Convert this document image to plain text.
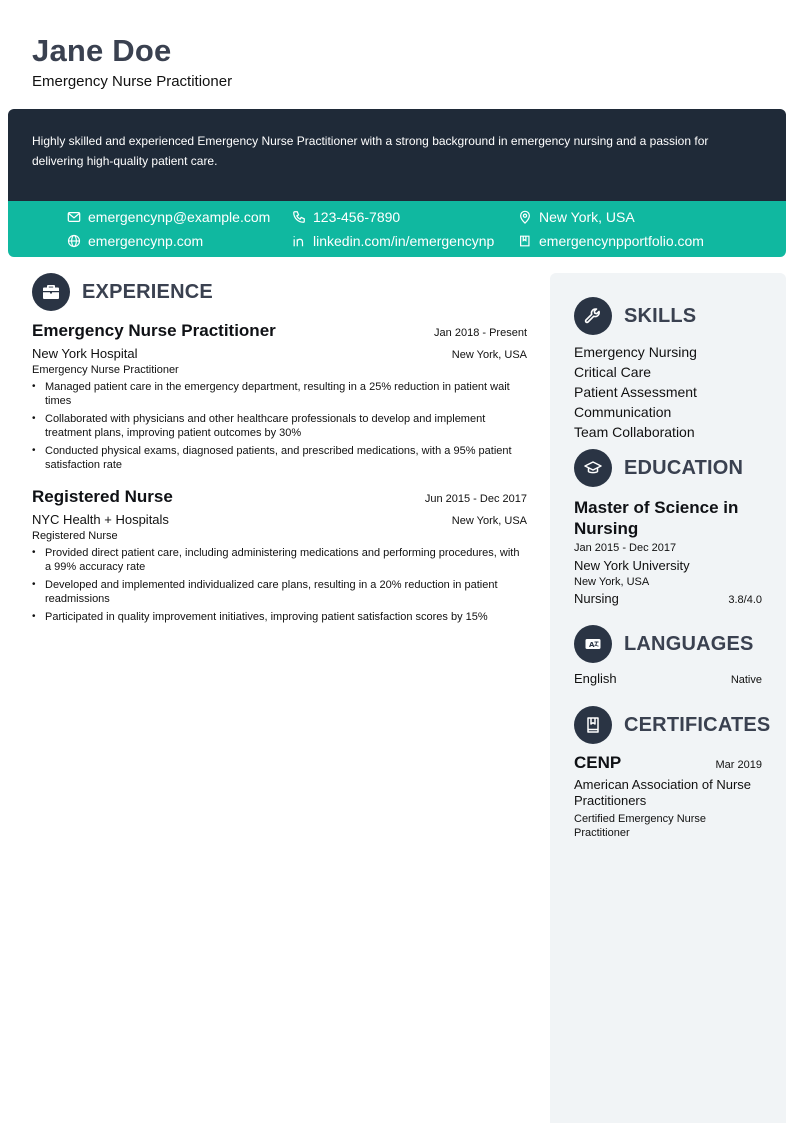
Jane Doe
Emergency Nurse Practitioner
Highly skilled and experienced Emergency Nurse Practitioner with a strong background in emergency nursing and a passion for delivering high-quality patient care.
emergencynp@example.com	123-456-7890	New York, USA
emergencynp.com	linkedin.com/in/emergencynp	emergencynpportfolio.com
EXPERIENCE
Emergency Nurse Practitioner	Jan 2018 - Present
New York Hospital	New York, USA
Emergency Nurse Practitioner
• Managed patient care in the emergency department, resulting in a 25% reduction in patient wait times
• Collaborated with physicians and other healthcare professionals to develop and implement treatment plans, improving patient outcomes by 30%
• Conducted physical exams, diagnosed patients, and prescribed medications, with a 95% patient satisfaction rate
Registered Nurse	Jun 2015 - Dec 2017
NYC Health + Hospitals	New York, USA
Registered Nurse
• Provided direct patient care, including administering medications and performing procedures, with a 99% accuracy rate
• Developed and implemented individualized care plans, resulting in a 20% reduction in patient readmissions
• Participated in quality improvement initiatives, improving patient satisfaction scores by 15%
SKILLS
Emergency Nursing
Critical Care
Patient Assessment
Communication
Team Collaboration
EDUCATION
Master of Science in Nursing
Jan 2015 - Dec 2017
New York University
New York, USA
Nursing	3.8/4.0
A LANGUAGES
English	Native
CERTIFICATES
CENP	Mar 2019
American Association of Nurse Practitioners
Certified Emergency Nurse Practitioner
